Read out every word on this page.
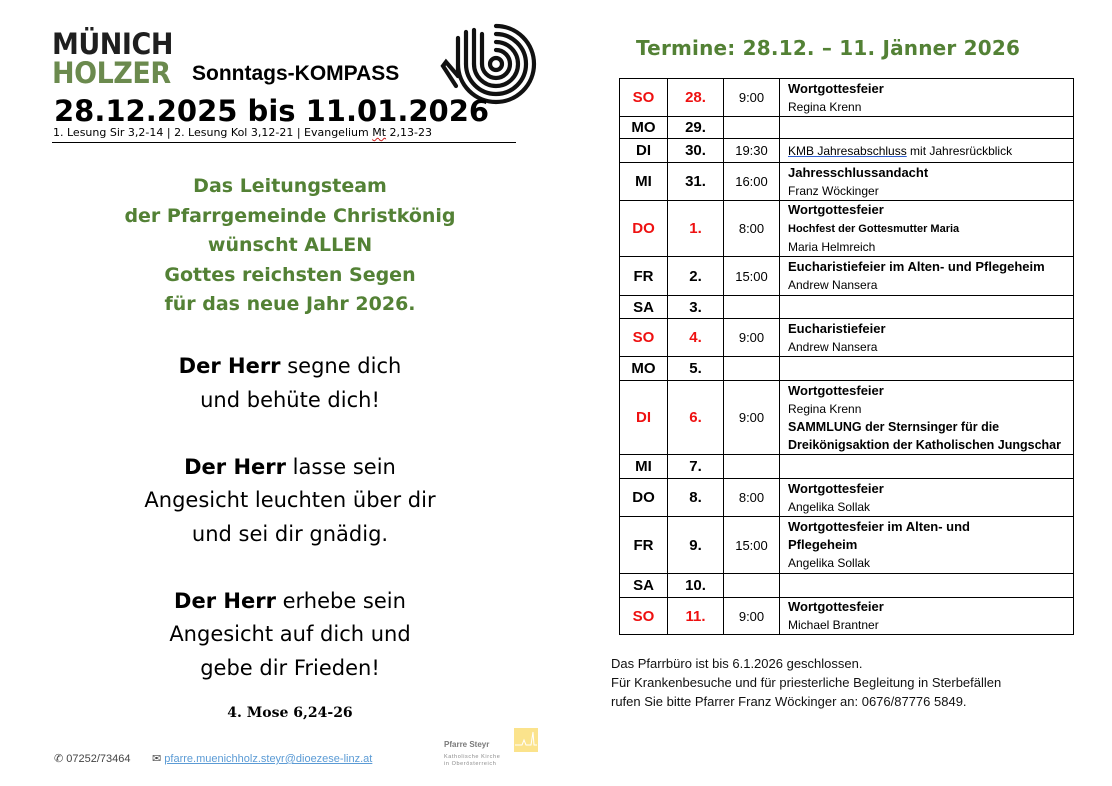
MÜNICH
HOLZER Sonntags-KOMPASS
28.12.2025 bis 11.01.2026
1. Lesung Sir 3,2-14 | 2. Lesung Kol 3,12-21 | Evangelium Mt 2,13-23
Das Leitungsteam
der Pfarrgemeinde Christkönig
wünscht ALLEN
Gottes reichsten Segen
für das neue Jahr 2026.
Der Herr segne dich
und behüte dich!
Der Herr lasse sein
Angesicht leuchten über dir
und sei dir gnädig.
Der Herr erhebe sein
Angesicht auf dich und
gebe dir Frieden!
4. Mose 6,24-26
✆ 07252/73464 ✉ pfarre.muenichholz.steyr@dioezese-linz.at
Pfarre Steyr
Katholische Kirche
in Oberösterreich
Termine: 28.12. – 11. Jänner 2026
SO	28.	9:00	Wortgottesfeier
Regina Krenn

MO	29.		
DI	30.	19:30	KMB Jahresabschluss mit Jahresrückblick

MI	31.	16:00	Jahresschlussandacht
Franz Wöckinger

DO	1.	8:00	Wortgottesfeier
Hochfest der Gottesmutter Maria
Maria Helmreich

FR	2.	15:00	Eucharistiefeier im Alten- und Pflegeheim
Andrew Nansera

SA	3.		
SO	4.	9:00	Eucharistiefeier
Andrew Nansera

MO	5.		
DI	6.	9:00	Wortgottesfeier
Regina Krenn
SAMMLUNG der Sternsinger für die
Dreikönigsaktion der Katholischen Jungschar

MI	7.		
DO	8.	8:00	Wortgottesfeier
Angelika Sollak

FR	9.	15:00	Wortgottesfeier im Alten- und
Pflegeheim
Angelika Sollak

SA	10.		
SO	11.	9:00	Wortgottesfeier
Michael Brantner
Das Pfarrbüro ist bis 6.1.2026 geschlossen.
Für Krankenbesuche und für priesterliche Begleitung in Sterbefällen
rufen Sie bitte Pfarrer Franz Wöckinger an: 0676/87776 5849.
